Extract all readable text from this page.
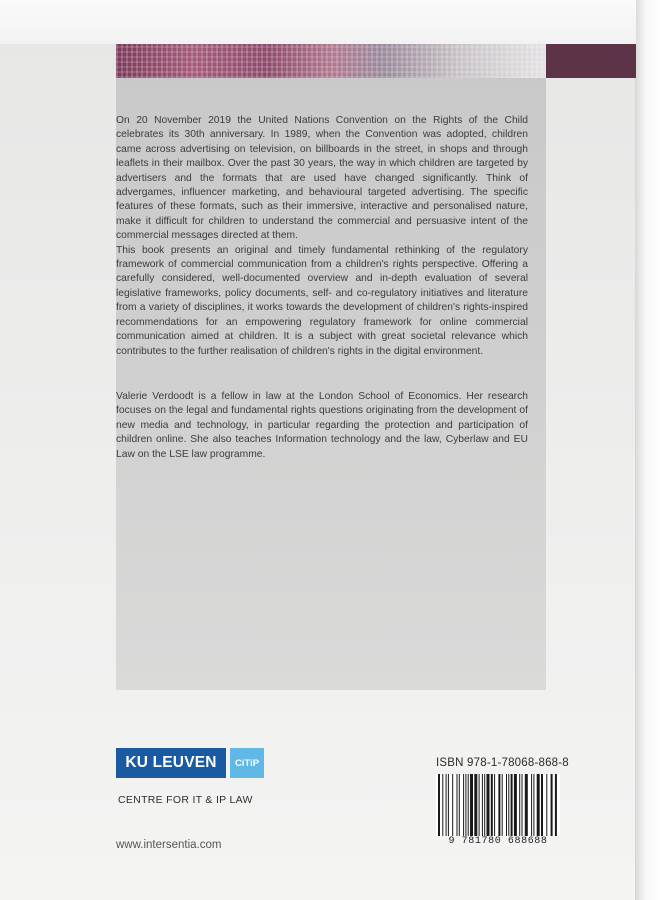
On 20 November 2019 the United Nations Convention on the Rights of the Child celebrates its 30th anniversary. In 1989, when the Convention was adopted, children came across advertising on television, on billboards in the street, in shops and through leaflets in their mailbox. Over the past 30 years, the way in which children are targeted by advertisers and the formats that are used have changed significantly. Think of advergames, influencer marketing, and behavioural targeted advertising. The specific features of these formats, such as their immersive, interactive and personalised nature, make it difficult for children to understand the commercial and persuasive intent of the commercial messages directed at them.

This book presents an original and timely fundamental rethinking of the regulatory framework of commercial communication from a children's rights perspective. Offering a carefully considered, well-documented overview and in-depth evaluation of several legislative frameworks, policy documents, self- and co-regulatory initiatives and literature from a variety of disciplines, it works towards the development of children's rights-inspired recommendations for an empowering regulatory framework for online commercial communication aimed at children. It is a subject with great societal relevance which contributes to the further realisation of children's rights in the digital environment.

Valerie Verdoodt is a fellow in law at the London School of Economics. Her research focuses on the legal and fundamental rights questions originating from the development of new media and technology, in particular regarding the protection and participation of children online. She also teaches Information technology and the law, Cyberlaw and EU Law on the LSE law programme.

KU LEUVEN CiTiP
CENTRE FOR IT & IP LAW
www.intersentia.com
ISBN 978-1-78068-868-8
9 781780 688688
